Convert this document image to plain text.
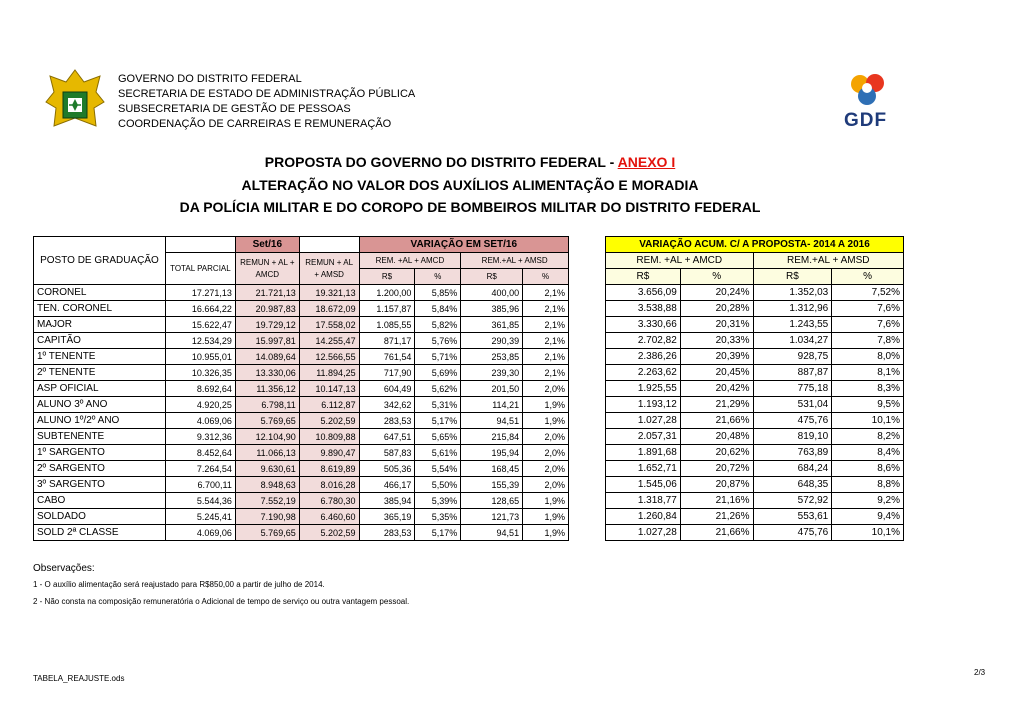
GOVERNO DO DISTRITO FEDERAL
SECRETARIA DE ESTADO DE ADMINISTRAÇÃO PÚBLICA
SUBSECRETARIA DE GESTÃO DE PESSOAS
COORDENAÇÃO DE CARREIRAS E REMUNERAÇÃO	GDF
PROPOSTA DO GOVERNO DO DISTRITO FEDERAL - ANEXO I
ALTERAÇÃO NO VALOR DOS AUXÍLIOS ALIMENTAÇÃO E MORADIA
DA POLÍCIA MILITAR E DO COROPO DE BOMBEIROS MILITAR DO DISTRITO FEDERAL
POSTO DE GRADUAÇÃO		Set/16		VARIAÇÃO EM SET/16			
	TOTAL PARCIAL	REMUN + AL + AMCD	REMUN + AL + AMSD	REM. +AL + AMCD		REM.+AL + AMSD	
				R$	%	R$	%
CORONEL	17.271,13	21.721,13	19.321,13	1.200,00	5,85%	400,00	2,1%
TEN. CORONEL	16.664,22	20.987,83	18.672,09	1.157,87	5,84%	385,96	2,1%
MAJOR	15.622,47	19.729,12	17.558,02	1.085,55	5,82%	361,85	2,1%
CAPITÃO	12.534,29	15.997,81	14.255,47	871,17	5,76%	290,39	2,1%
1º TENENTE	10.955,01	14.089,64	12.566,55	761,54	5,71%	253,85	2,1%
2º TENENTE	10.326,35	13.330,06	11.894,25	717,90	5,69%	239,30	2,1%
ASP OFICIAL	8.692,64	11.356,12	10.147,13	604,49	5,62%	201,50	2,0%
ALUNO 3º ANO	4.920,25	6.798,11	6.112,87	342,62	5,31%	114,21	1,9%
ALUNO 1º/2º ANO	4.069,06	5.769,65	5.202,59	283,53	5,17%	94,51	1,9%
SUBTENENTE	9.312,36	12.104,90	10.809,88	647,51	5,65%	215,84	2,0%
1º SARGENTO	8.452,64	11.066,13	9.890,47	587,83	5,61%	195,94	2,0%
2º SARGENTO	7.264,54	9.630,61	8.619,89	505,36	5,54%	168,45	2,0%
3º SARGENTO	6.700,11	8.948,63	8.016,28	466,17	5,50%	155,39	2,0%
CABO	5.544,36	7.552,19	6.780,30	385,94	5,39%	128,65	1,9%
SOLDADO	5.245,41	7.190,98	6.460,60	365,19	5,35%	121,73	1,9%
SOLD 2ª CLASSE	4.069,06	5.769,65	5.202,59	283,53	5,17%	94,51	1,9%
VARIAÇÃO ACUM. C/ A PROPOSTA- 2014 A 2016			
REM. +AL + AMCD		REM.+AL + AMSD	
R$	%	R$	%
3.656,09	20,24%	1.352,03	7,52%
3.538,88	20,28%	1.312,96	7,6%
3.330,66	20,31%	1.243,55	7,6%
2.702,82	20,33%	1.034,27	7,8%
2.386,26	20,39%	928,75	8,0%
2.263,62	20,45%	887,87	8,1%
1.925,55	20,42%	775,18	8,3%
1.193,12	21,29%	531,04	9,5%
1.027,28	21,66%	475,76	10,1%
2.057,31	20,48%	819,10	8,2%
1.891,68	20,62%	763,89	8,4%
1.652,71	20,72%	684,24	8,6%
1.545,06	20,87%	648,35	8,8%
1.318,77	21,16%	572,92	9,2%
1.260,84	21,26%	553,61	9,4%
1.027,28	21,66%	475,76	10,1%
Observações:
1 - O auxílio alimentação será reajustado para R$850,00 a partir de julho de 2014.
2 - Não consta na composição remuneratória o Adicional de tempo de serviço ou outra vantagem pessoal.
TABELA_REAJUSTE.ods
2/3
